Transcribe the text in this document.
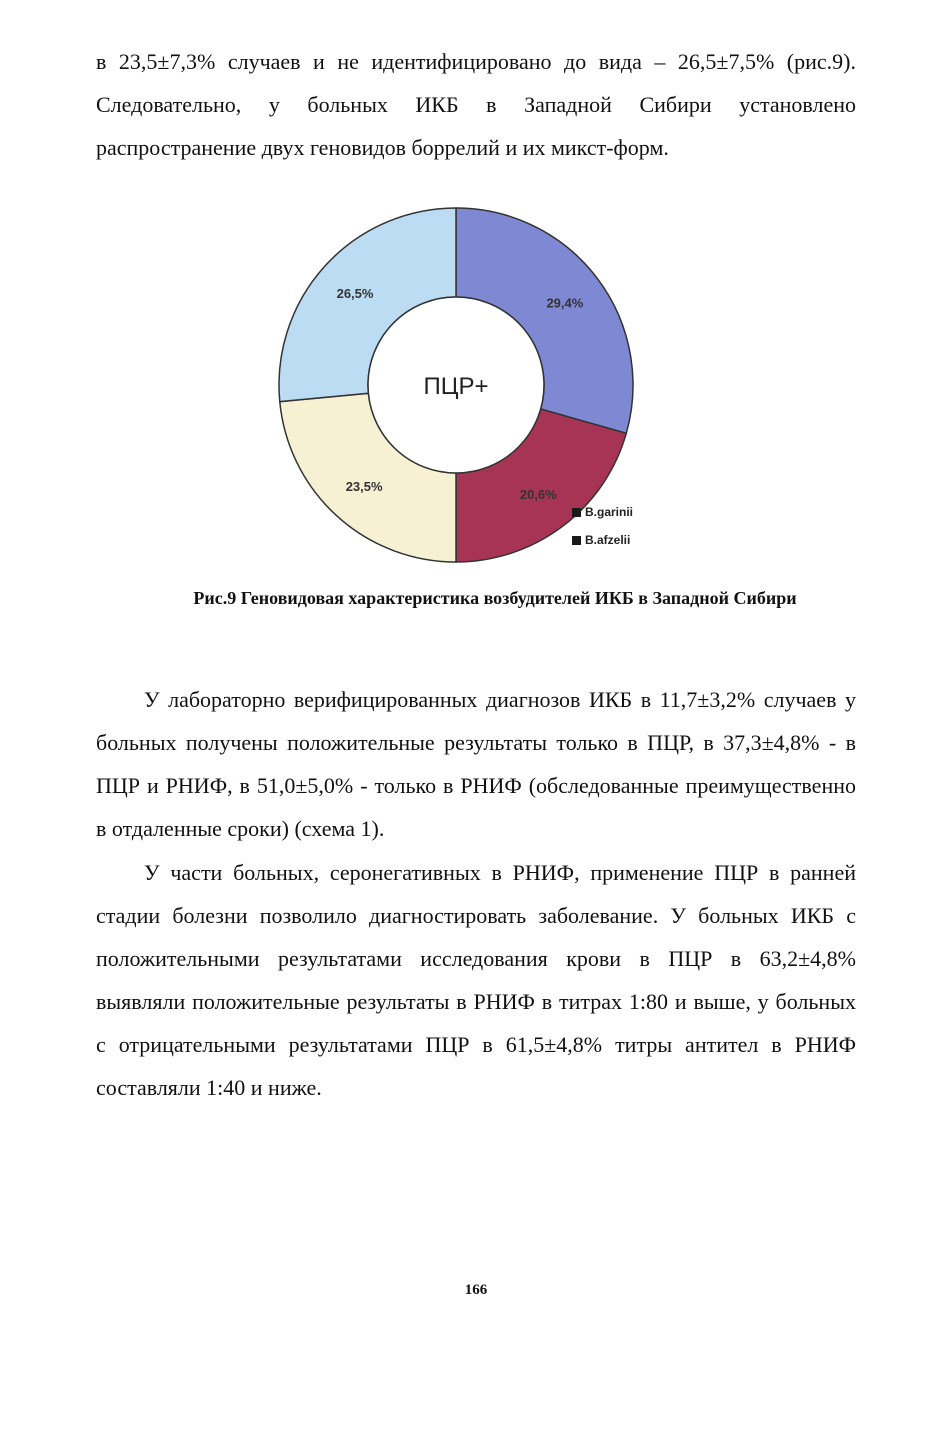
в 23,5±7,3% случаев и не идентифицировано до вида – 26,5±7,5% (рис.9). Следовательно, у больных ИКБ в Западной Сибири установлено распространение двух геновидов боррелий и их микст-форм.

29,4%
20,6%
23,5%
26,5%
ПЦР+
B.garinii
B.afzelii
Рис.9 Геновидовая характеристика возбудителей ИКБ в Западной Сибири

У лабораторно верифицированных диагнозов ИКБ в 11,7±3,2% случаев у больных получены положительные результаты только в ПЦР, в 37,3±4,8% - в ПЦР и РНИФ, в 51,0±5,0% - только в РНИФ (обследованные преимущественно в отдаленные сроки) (схема 1).

У части больных, серонегативных в РНИФ, применение ПЦР в ранней стадии болезни позволило диагностировать заболевание. У больных ИКБ с положительными результатами исследования крови в ПЦР в 63,2±4,8% выявляли положительные результаты в РНИФ в титрах 1:80 и выше, у больных с отрицательными результатами ПЦР в 61,5±4,8% титры антител в РНИФ составляли 1:40 и ниже.

166
